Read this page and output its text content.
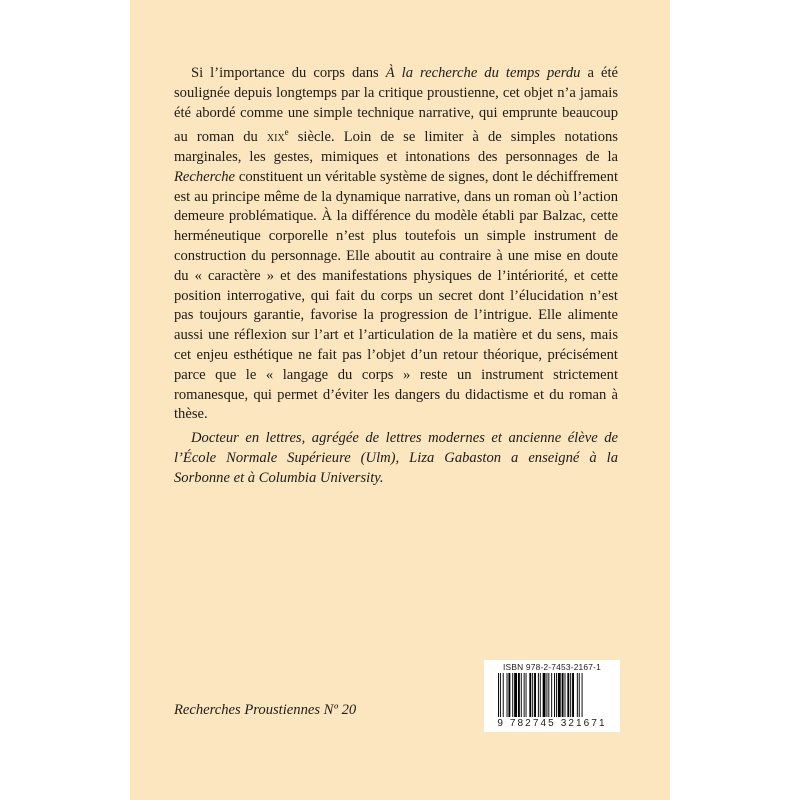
Si l’importance du corps dans À la recherche du temps perdu a été soulignée depuis longtemps par la critique proustienne, cet objet n’a jamais été abordé comme une simple technique narrative, qui emprunte beaucoup au roman du xix$^e$ siècle. Loin de se limiter à de simples notations marginales, les gestes, mimiques et intonations des personnages de la Recherche constituent un véritable système de signes, dont le déchiffrement est au principe même de la dynamique narrative, dans un roman où l’action demeure problématique. À la différence du modèle établi par Balzac, cette herméneutique corporelle n’est plus toutefois un simple instrument de construction du personnage. Elle aboutit au contraire à une mise en doute du « caractère » et des manifestations physiques de l’intériorité, et cette position interrogative, qui fait du corps un secret dont l’élucidation n’est pas toujours garantie, favorise la progression de l’intrigue. Elle alimente aussi une réflexion sur l’art et l’articulation de la matière et du sens, mais cet enjeu esthétique ne fait pas l’objet d’un retour théorique, précisément parce que le « langage du corps » reste un instrument strictement romanesque, qui permet d’éviter les dangers du didactisme et du roman à thèse.

Docteur en lettres, agrégée de lettres modernes et ancienne élève de l’École Normale Supérieure (Ulm), Liza Gabaston a enseigné à la Sorbonne et à Columbia University.

Recherches Proustiennes Nº 20
ISBN 978-2-7453-2167-1
9 782745 321671
